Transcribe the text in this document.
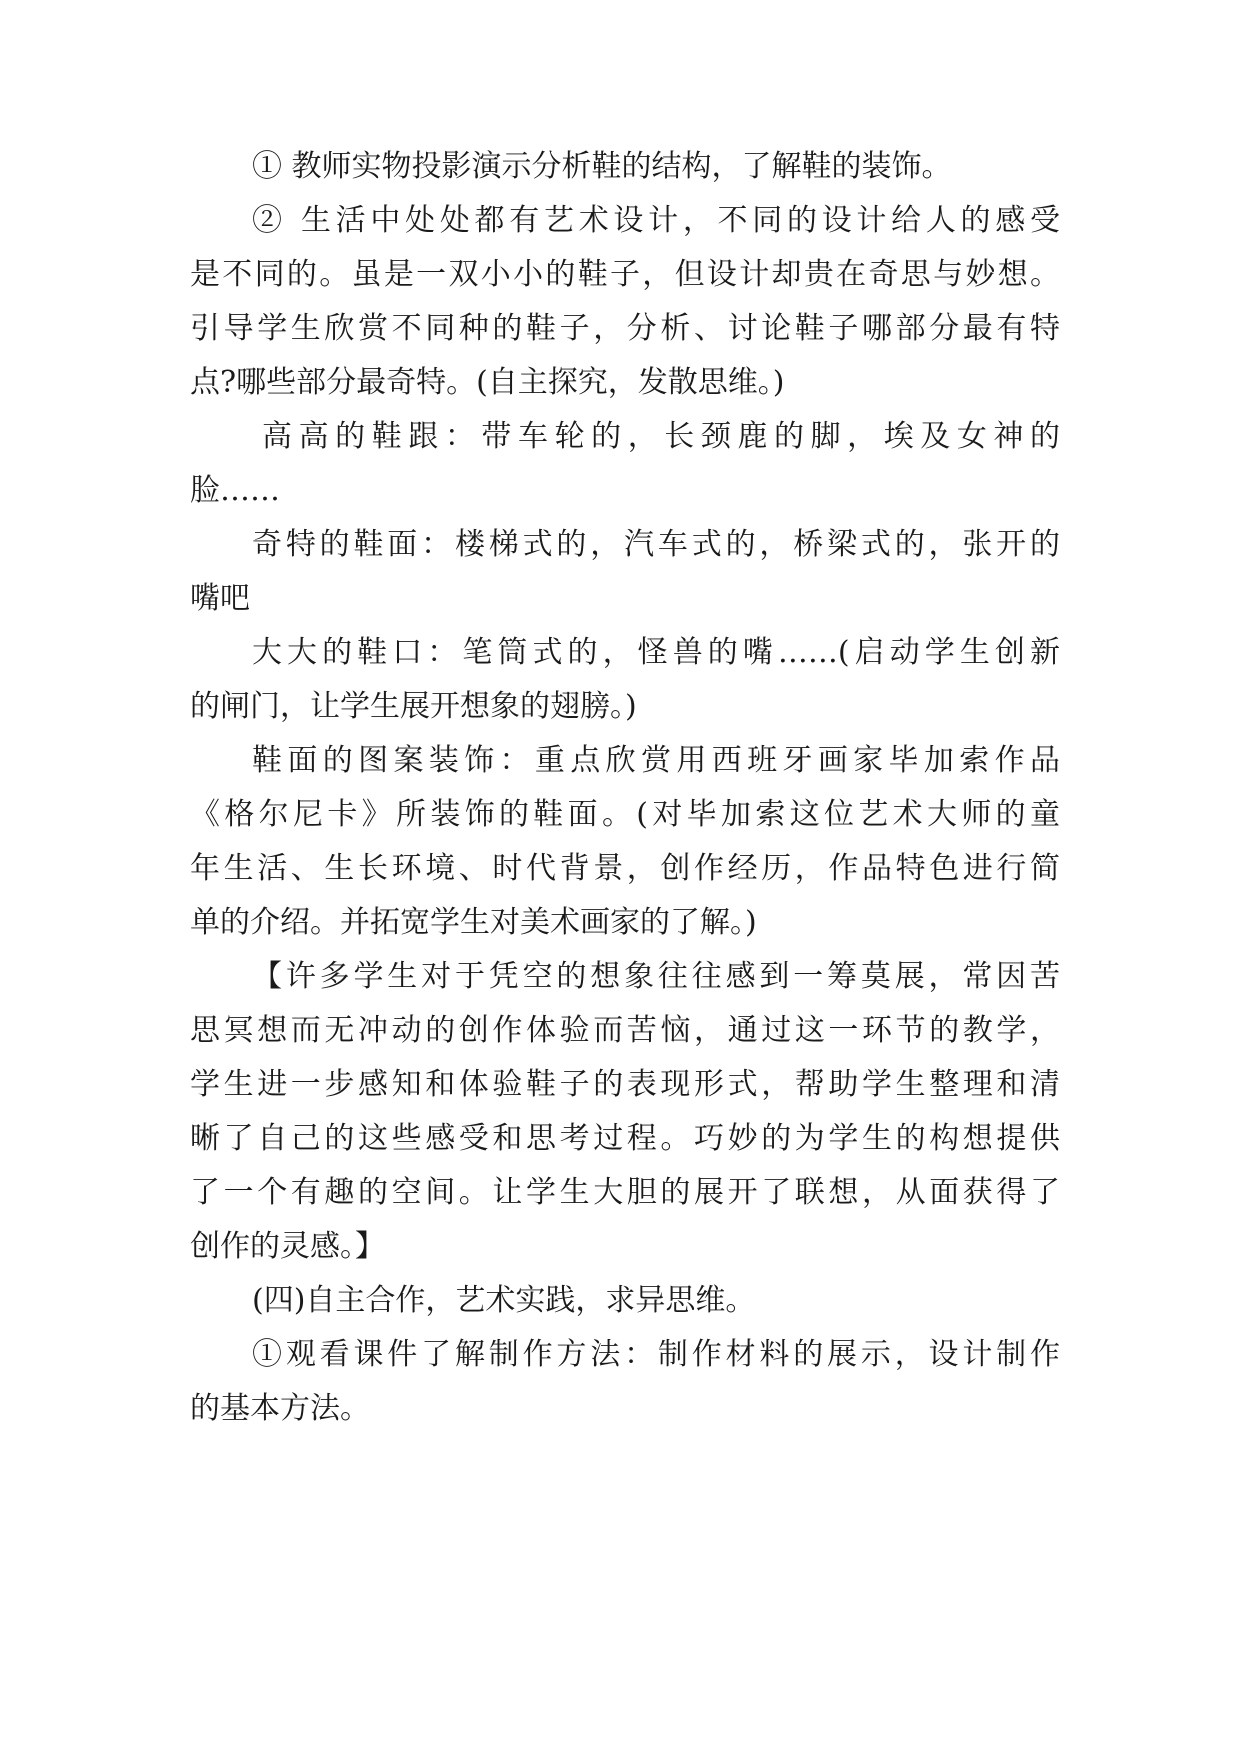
① 教师实物投影演示分析鞋的结构，了解鞋的装饰。
② 生活中处处都有艺术设计，不同的设计给人的感受
是不同的。虽是一双小小的鞋子，但设计却贵在奇思与妙想。
引导学生欣赏不同种的鞋子，分析、讨论鞋子哪部分最有特
点?哪些部分最奇特。(自主探究，发散思维。)
高高的鞋跟：带车轮的，长颈鹿的脚，埃及女神的
脸……
奇特的鞋面：楼梯式的，汽车式的，桥梁式的，张开的
嘴吧
大大的鞋口：笔筒式的，怪兽的嘴……(启动学生创新
的闸门，让学生展开想象的翅膀。)
鞋面的图案装饰：重点欣赏用西班牙画家毕加索作品
《格尔尼卡》所装饰的鞋面。(对毕加索这位艺术大师的童
年生活、生长环境、时代背景，创作经历，作品特色进行简
单的介绍。并拓宽学生对美术画家的了解。)
【许多学生对于凭空的想象往往感到一筹莫展，常因苦
思冥想而无冲动的创作体验而苦恼，通过这一环节的教学，
学生进一步感知和体验鞋子的表现形式，帮助学生整理和清
晰了自己的这些感受和思考过程。巧妙的为学生的构想提供
了一个有趣的空间。让学生大胆的展开了联想，从面获得了
创作的灵感。】
(四)自主合作，艺术实践，求异思维。
①观看课件了解制作方法：制作材料的展示，设计制作
的基本方法。
